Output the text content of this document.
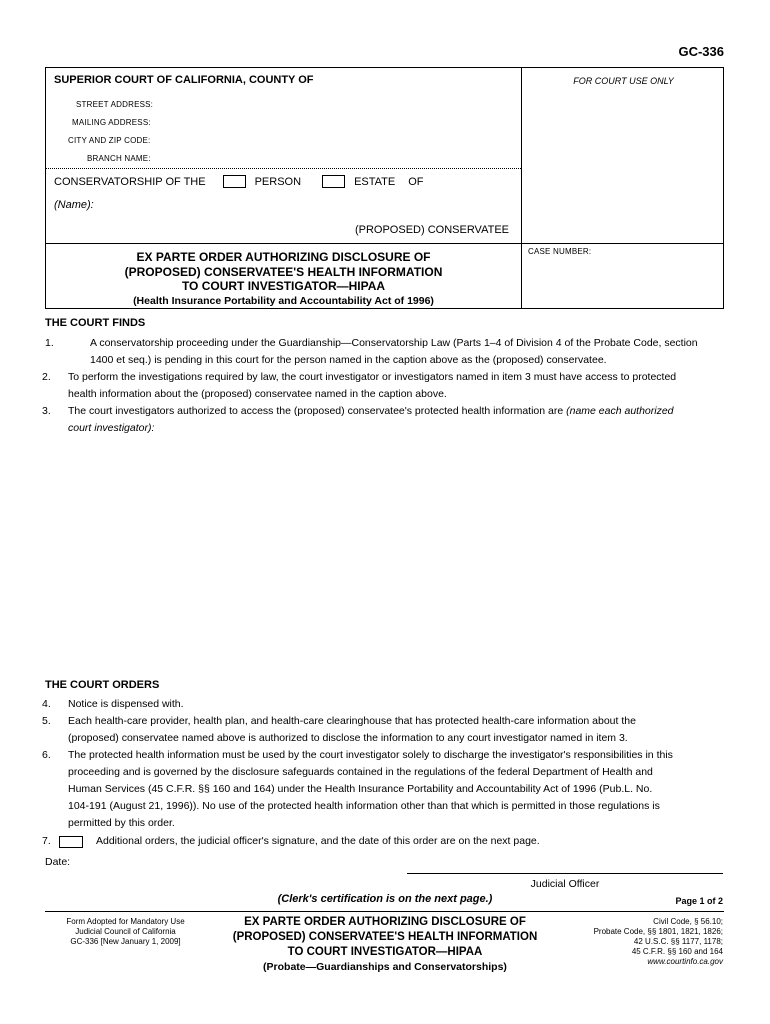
GC-336
SUPERIOR COURT OF CALIFORNIA, COUNTY OF
STREET ADDRESS:
MAILING ADDRESS:
CITY AND ZIP CODE:
BRANCH NAME:
CONSERVATORSHIP OF THE	PERSON	ESTATE OF
(Name):
(PROPOSED) CONSERVATEE
EX PARTE ORDER AUTHORIZING DISCLOSURE OF
(PROPOSED) CONSERVATEE'S HEALTH INFORMATION
TO COURT INVESTIGATOR—HIPAA
(Health Insurance Portability and Accountability Act of 1996)
FOR COURT USE ONLY
CASE NUMBER:
THE COURT FINDS
1.	A conservatorship proceeding under the Guardianship—Conservatorship Law (Parts 1–4 of Division 4 of the Probate Code, section
1400 et seq.) is pending in this court for the person named in the caption above as the (proposed) conservatee.
2. To perform the investigations required by law, the court investigator or investigators named in item 3 must have access to protected
health information about the (proposed) conservatee named in the caption above.
3. The court investigators authorized to access the (proposed) conservatee's protected health information are (name each authorized
court investigator):
THE COURT ORDERS
4. Notice is dispensed with.
5. Each health-care provider, health plan, and health-care clearinghouse that has protected health-care information about the
(proposed) conservatee named above is authorized to disclose the information to any court investigator named in item 3.
6. The protected health information must be used by the court investigator solely to discharge the investigator's responsibilities in this
proceeding and is governed by the disclosure safeguards contained in the regulations of the federal Department of Health and
Human Services (45 C.F.R. §§ 160 and 164) under the Health Insurance Portability and Accountability Act of 1996 (Pub.L. No.
104-191 (August 21, 1996)). No use of the protected health information other than that which is permitted in those regulations is
permitted by this order.
7.	Additional orders, the judicial officer's signature, and the date of this order are on the next page.
Date:
Judicial Officer
(Clerk's certification is on the next page.)	Page 1 of 2
Form Adopted for Mandatory Use
Judicial Council of California
GC-336 [New January 1, 2009]
EX PARTE ORDER AUTHORIZING DISCLOSURE OF
(PROPOSED) CONSERVATEE'S HEALTH INFORMATION
TO COURT INVESTIGATOR—HIPAA
(Probate—Guardianships and Conservatorships)
Civil Code, § 56.10;
Probate Code, §§ 1801, 1821, 1826;
42 U.S.C. §§ 1177, 1178;
45 C.F.R. §§ 160 and 164
www.courtinfo.ca.gov
